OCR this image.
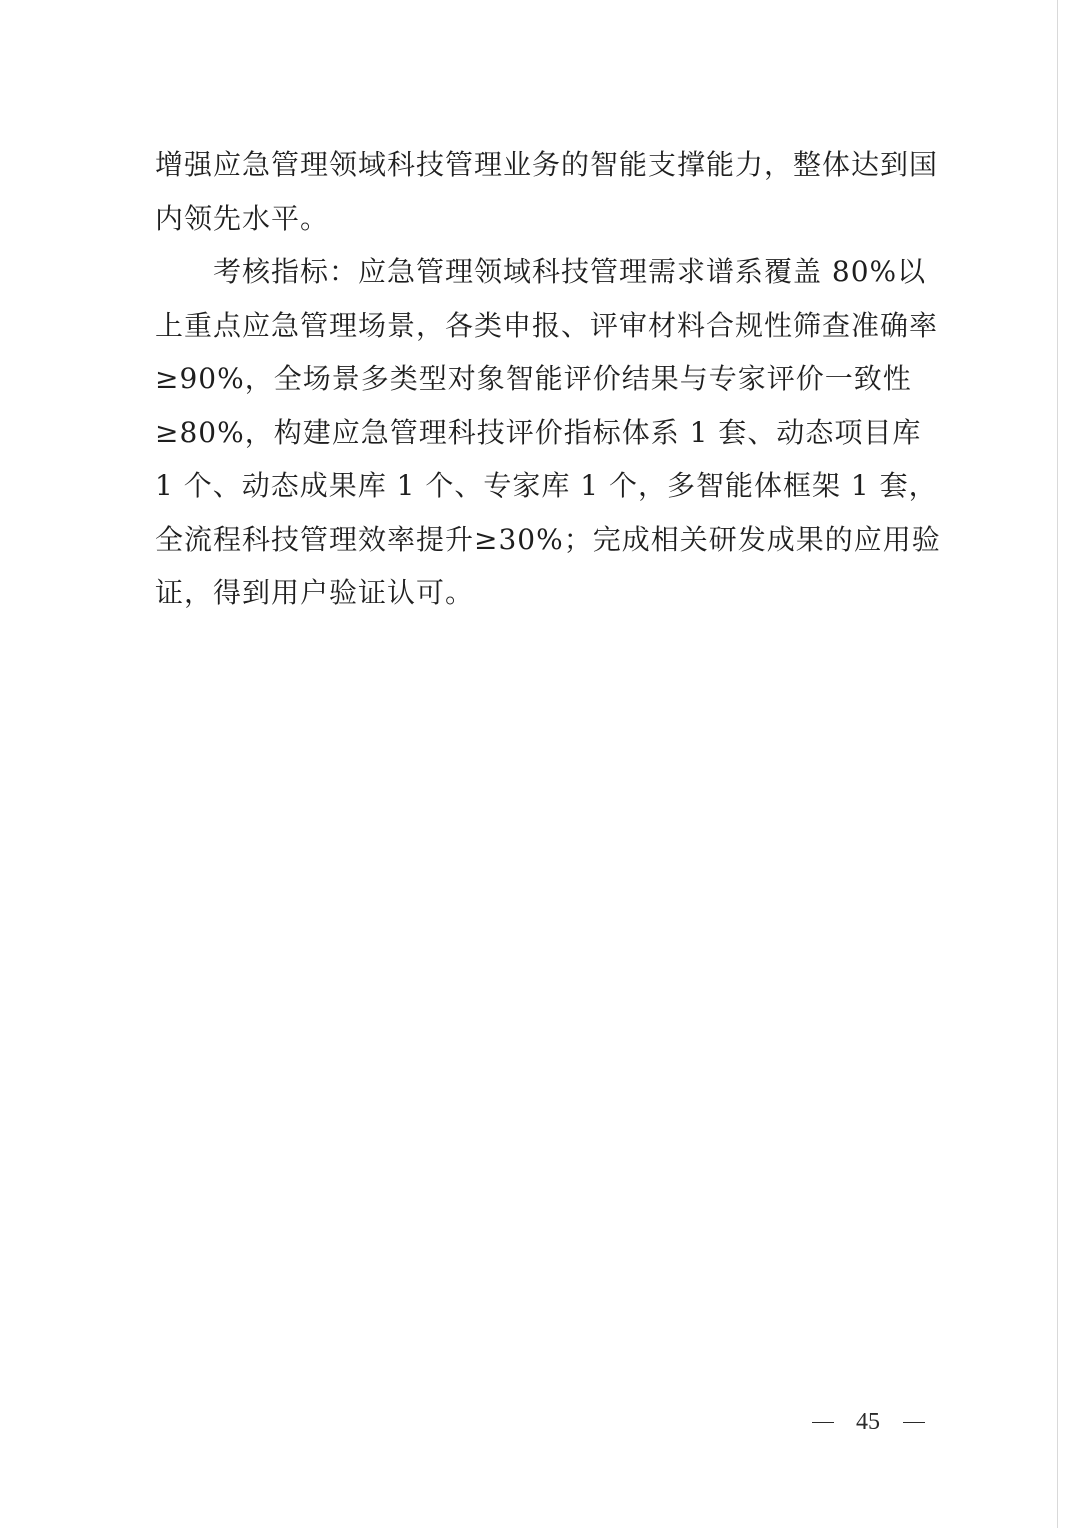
增强应急管理领域科技管理业务的智能支撑能力，整体达到国内领先水平。

考核指标：应急管理领域科技管理需求谱系覆盖 80%以上重点应急管理场景，各类申报、评审材料合规性筛查准确率≥90%，全场景多类型对象智能评价结果与专家评价一致性≥80%，构建应急管理科技评价指标体系 1 套、动态项目库 1 个、动态成果库 1 个、专家库 1 个，多智能体框架 1 套，全流程科技管理效率提升≥30%；完成相关研发成果的应用验证，得到用户验证认可。

45
